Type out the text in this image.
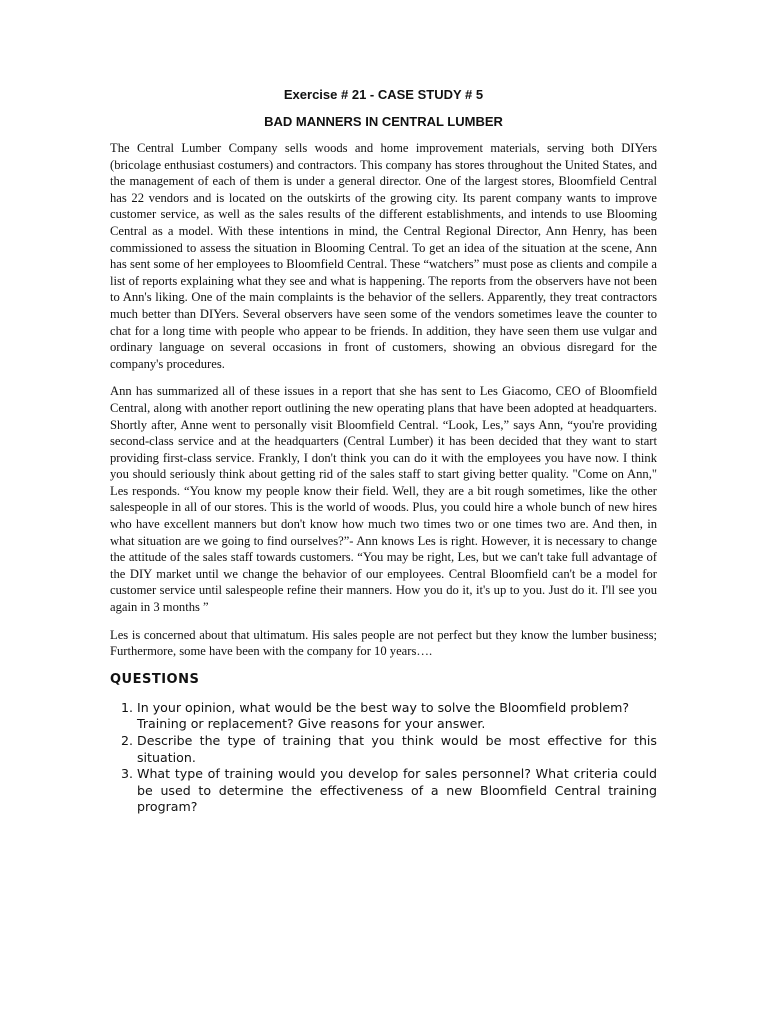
Exercise # 21 - CASE STUDY # 5
BAD MANNERS IN CENTRAL LUMBER

The Central Lumber Company sells woods and home improvement materials, serving both DIYers (bricolage enthusiast costumers) and contractors. This company has stores throughout the United States, and the management of each of them is under a general director. One of the largest stores, Bloomfield Central has 22 vendors and is located on the outskirts of the growing city. Its parent company wants to improve customer service, as well as the sales results of the different establishments, and intends to use Blooming Central as a model. With these intentions in mind, the Central Regional Director, Ann Henry, has been commissioned to assess the situation in Blooming Central. To get an idea of the situation at the scene, Ann has sent some of her employees to Bloomfield Central. These “watchers” must pose as clients and compile a list of reports explaining what they see and what is happening. The reports from the observers have not been to Ann's liking. One of the main complaints is the behavior of the sellers. Apparently, they treat contractors much better than DIYers. Several observers have seen some of the vendors sometimes leave the counter to chat for a long time with people who appear to be friends. In addition, they have seen them use vulgar and ordinary language on several occasions in front of customers, showing an obvious disregard for the company's procedures.

Ann has summarized all of these issues in a report that she has sent to Les Giacomo, CEO of Bloomfield Central, along with another report outlining the new operating plans that have been adopted at headquarters. Shortly after, Anne went to personally visit Bloomfield Central. “Look, Les,” says Ann, “you're providing second-class service and at the headquarters (Central Lumber) it has been decided that they want to start providing first-class service. Frankly, I don't think you can do it with the employees you have now. I think you should seriously think about getting rid of the sales staff to start giving better quality. "Come on Ann," Les responds. “You know my people know their field. Well, they are a bit rough sometimes, like the other salespeople in all of our stores. This is the world of woods. Plus, you could hire a whole bunch of new hires who have excellent manners but don't know how much two times two or one times two are. And then, in what situation are we going to find ourselves?”- Ann knows Les is right. However, it is necessary to change the attitude of the sales staff towards customers. “You may be right, Les, but we can't take full advantage of the DIY market until we change the behavior of our employees. Central Bloomfield can't be a model for customer service until salespeople refine their manners. How you do it, it's up to you. Just do it. I'll see you again in 3 months ”

Les is concerned about that ultimatum. His sales people are not perfect but they know the lumber business; Furthermore, some have been with the company for 10 years….

QUESTIONS
1. In your opinion, what would be the best way to solve the Bloomfield problem?
Training or replacement? Give reasons for your answer.
2. Describe the type of training that you think would be most effective for this situation.
3. What type of training would you develop for sales personnel? What criteria could be used to determine the effectiveness of a new Bloomfield Central training program?
